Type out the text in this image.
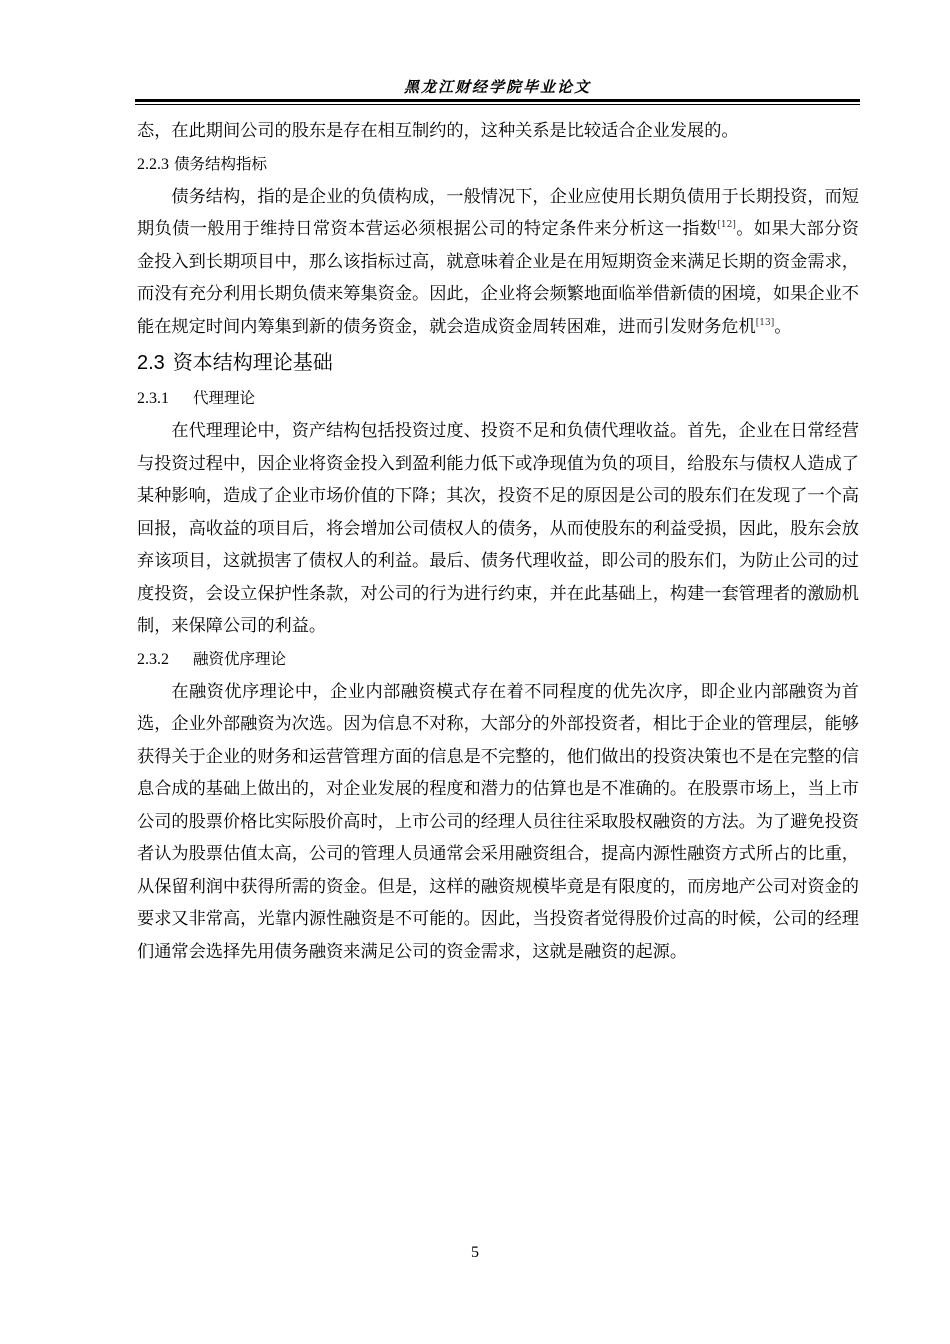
黑龙江财经学院毕业论文

态，在此期间公司的股东是存在相互制约的，这种关系是比较适合企业发展的。

2.2.3 债务结构指标

债务结构，指的是企业的负债构成，一般情况下，企业应使用长期负债用于长期投资，而短期负债一般用于维持日常资本营运必须根据公司的特定条件来分析这一指数[12]。如果大部分资金投入到长期项目中，那么该指标过高，就意味着企业是在用短期资金来满足长期的资金需求，而没有充分利用长期负债来筹集资金。因此，企业将会频繁地面临举借新债的困境，如果企业不能在规定时间内筹集到新的债务资金，就会造成资金周转困难，进而引发财务危机[13]。

2.3 资本结构理论基础

2.3.1 代理理论

在代理理论中，资产结构包括投资过度、投资不足和负债代理收益。首先，企业在日常经营与投资过程中，因企业将资金投入到盈利能力低下或净现值为负的项目，给股东与债权人造成了某种影响，造成了企业市场价值的下降；其次，投资不足的原因是公司的股东们在发现了一个高回报，高收益的项目后，将会增加公司债权人的债务，从而使股东的利益受损，因此，股东会放弃该项目，这就损害了债权人的利益。最后、债务代理收益，即公司的股东们，为防止公司的过度投资，会设立保护性条款，对公司的行为进行约束，并在此基础上，构建一套管理者的激励机制，来保障公司的利益。

2.3.2 融资优序理论

在融资优序理论中，企业内部融资模式存在着不同程度的优先次序，即企业内部融资为首选，企业外部融资为次选。因为信息不对称，大部分的外部投资者，相比于企业的管理层，能够获得关于企业的财务和运营管理方面的信息是不完整的，他们做出的投资决策也不是在完整的信息合成的基础上做出的，对企业发展的程度和潜力的估算也是不准确的。在股票市场上，当上市公司的股票价格比实际股价高时，上市公司的经理人员往往采取股权融资的方法。为了避免投资者认为股票估值太高，公司的管理人员通常会采用融资组合，提高内源性融资方式所占的比重，从保留利润中获得所需的资金。但是，这样的融资规模毕竟是有限度的，而房地产公司对资金的要求又非常高，光靠内源性融资是不可能的。因此，当投资者觉得股价过高的时候，公司的经理们通常会选择先用债务融资来满足公司的资金需求，这就是融资的起源。

5
